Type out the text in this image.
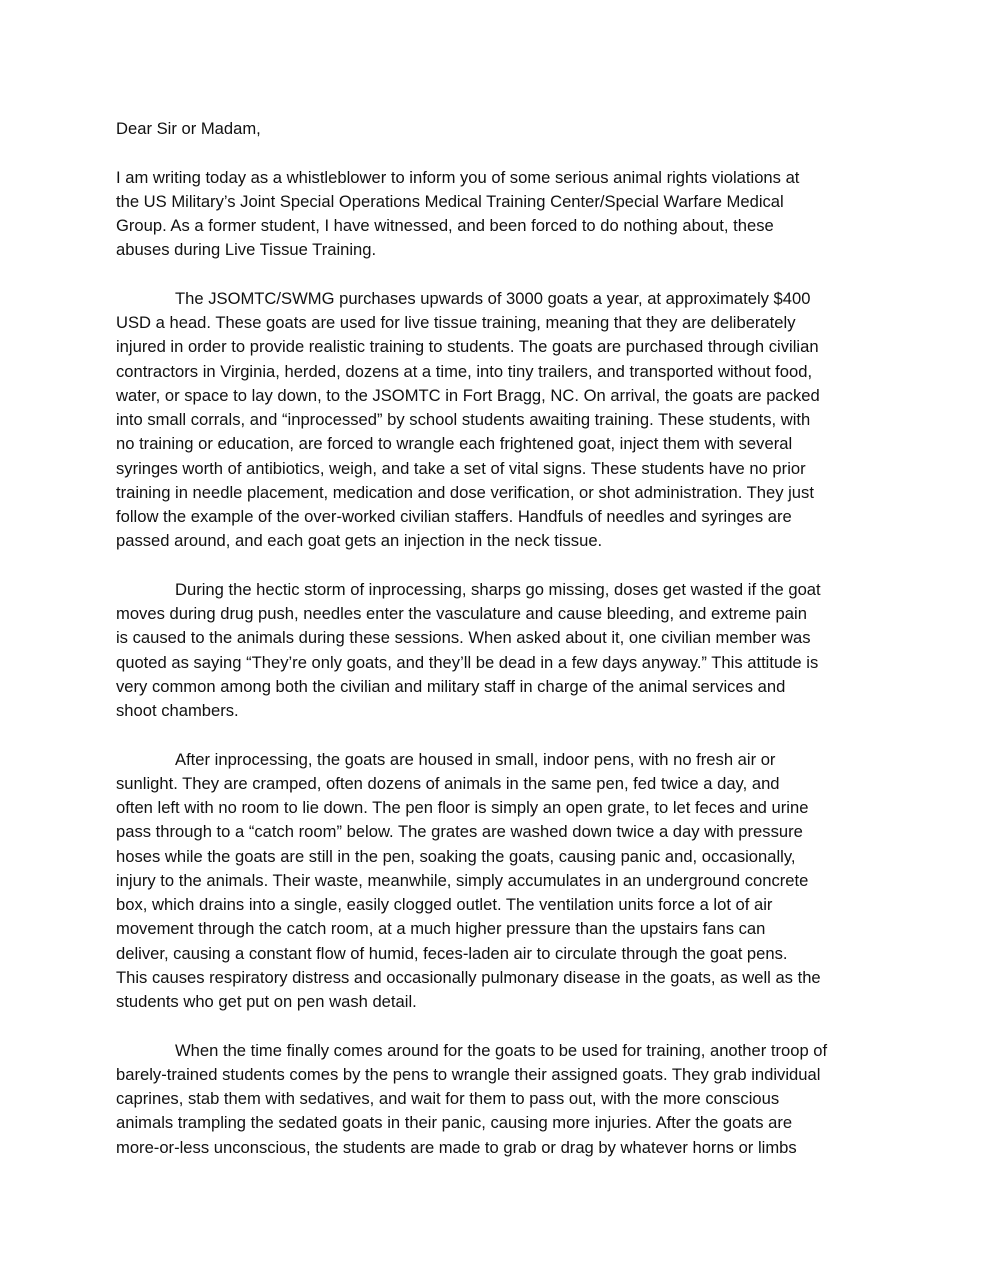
Dear Sir or Madam,
I am writing today as a whistleblower to inform you of some serious animal rights violations at
the US Military’s Joint Special Operations Medical Training Center/Special Warfare Medical
Group. As a former student, I have witnessed, and been forced to do nothing about, these
abuses during Live Tissue Training.
The JSOMTC/SWMG purchases upwards of 3000 goats a year, at approximately $400
USD a head. These goats are used for live tissue training, meaning that they are deliberately
injured in order to provide realistic training to students. The goats are purchased through civilian
contractors in Virginia, herded, dozens at a time, into tiny trailers, and transported without food,
water, or space to lay down, to the JSOMTC in Fort Bragg, NC. On arrival, the goats are packed
into small corrals, and “inprocessed” by school students awaiting training. These students, with
no training or education, are forced to wrangle each frightened goat, inject them with several
syringes worth of antibiotics, weigh, and take a set of vital signs. These students have no prior
training in needle placement, medication and dose verification, or shot administration. They just
follow the example of the over-worked civilian staffers. Handfuls of needles and syringes are
passed around, and each goat gets an injection in the neck tissue.
During the hectic storm of inprocessing, sharps go missing, doses get wasted if the goat
moves during drug push, needles enter the vasculature and cause bleeding, and extreme pain
is caused to the animals during these sessions. When asked about it, one civilian member was
quoted as saying “They’re only goats, and they’ll be dead in a few days anyway.” This attitude is
very common among both the civilian and military staff in charge of the animal services and
shoot chambers.
After inprocessing, the goats are housed in small, indoor pens, with no fresh air or
sunlight. They are cramped, often dozens of animals in the same pen, fed twice a day, and
often left with no room to lie down. The pen floor is simply an open grate, to let feces and urine
pass through to a “catch room” below. The grates are washed down twice a day with pressure
hoses while the goats are still in the pen, soaking the goats, causing panic and, occasionally,
injury to the animals. Their waste, meanwhile, simply accumulates in an underground concrete
box, which drains into a single, easily clogged outlet. The ventilation units force a lot of air
movement through the catch room, at a much higher pressure than the upstairs fans can
deliver, causing a constant flow of humid, feces-laden air to circulate through the goat pens.
This causes respiratory distress and occasionally pulmonary disease in the goats, as well as the
students who get put on pen wash detail.
When the time finally comes around for the goats to be used for training, another troop of
barely-trained students comes by the pens to wrangle their assigned goats. They grab individual
caprines, stab them with sedatives, and wait for them to pass out, with the more conscious
animals trampling the sedated goats in their panic, causing more injuries. After the goats are
more-or-less unconscious, the students are made to grab or drag by whatever horns or limbs
